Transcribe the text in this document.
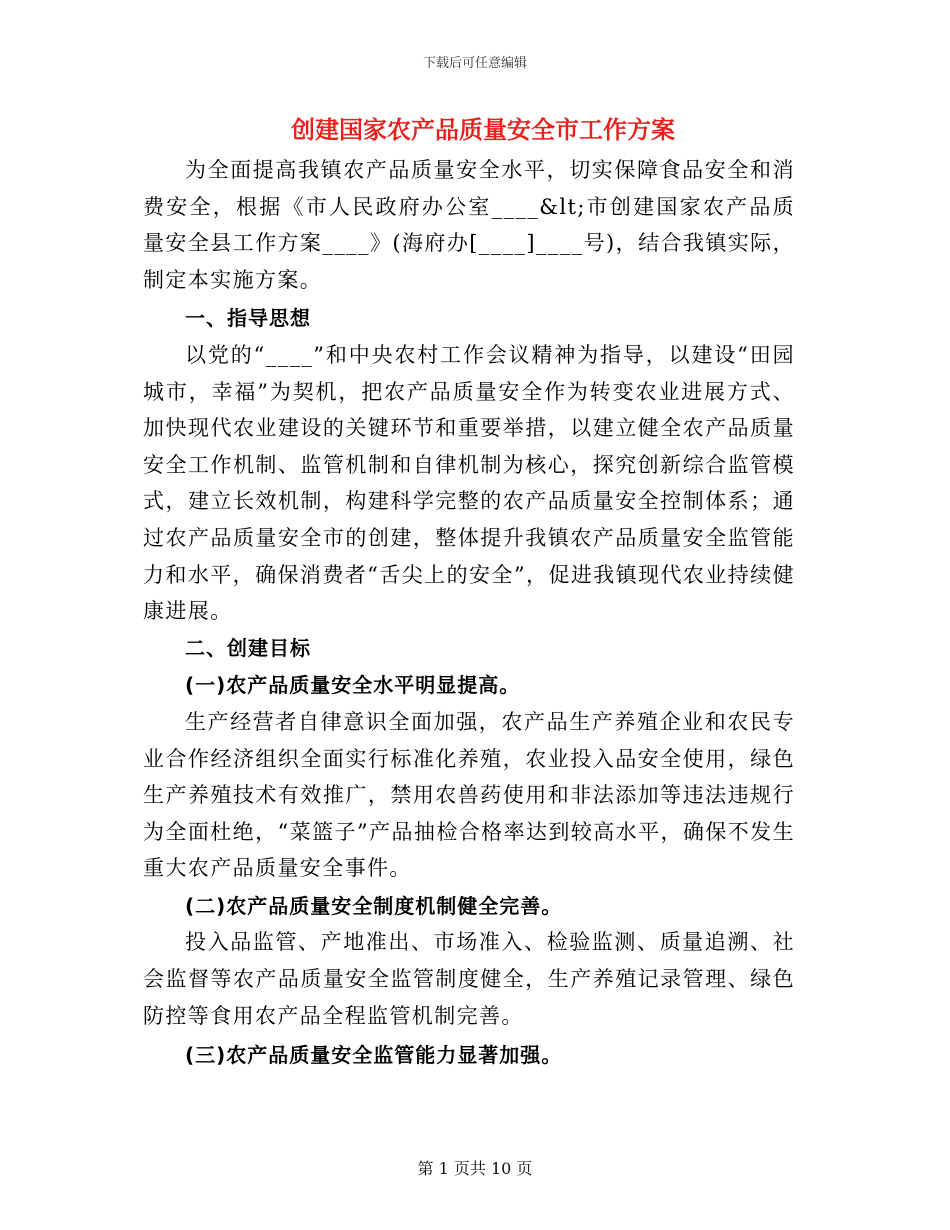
下载后可任意编辑
创建国家农产品质量安全市工作方案

为全面提高我镇农产品质量安全水平，切实保障食品安全和消费安全，根据《市人民政府办公室____&lt;市创建国家农产品质量安全县工作方案____》(海府办[____]____号)，结合我镇实际，制定本实施方案。

一、指导思想

以党的“____”和中央农村工作会议精神为指导，以建设“田园城市，幸福”为契机，把农产品质量安全作为转变农业进展方式、加快现代农业建设的关键环节和重要举措，以建立健全农产品质量安全工作机制、监管机制和自律机制为核心，探究创新综合监管模式，建立长效机制，构建科学完整的农产品质量安全控制体系；通过农产品质量安全市的创建，整体提升我镇农产品质量安全监管能力和水平，确保消费者“舌尖上的安全”，促进我镇现代农业持续健康进展。

二、创建目标

(一)农产品质量安全水平明显提高。

生产经营者自律意识全面加强，农产品生产养殖企业和农民专业合作经济组织全面实行标准化养殖，农业投入品安全使用，绿色生产养殖技术有效推广，禁用农兽药使用和非法添加等违法违规行为全面杜绝，“菜篮子”产品抽检合格率达到较高水平，确保不发生重大农产品质量安全事件。

(二)农产品质量安全制度机制健全完善。

投入品监管、产地准出、市场准入、检验监测、质量追溯、社会监督等农产品质量安全监管制度健全，生产养殖记录管理、绿色防控等食用农产品全程监管机制完善。

(三)农产品质量安全监管能力显著加强。

第 1 页共 10 页
